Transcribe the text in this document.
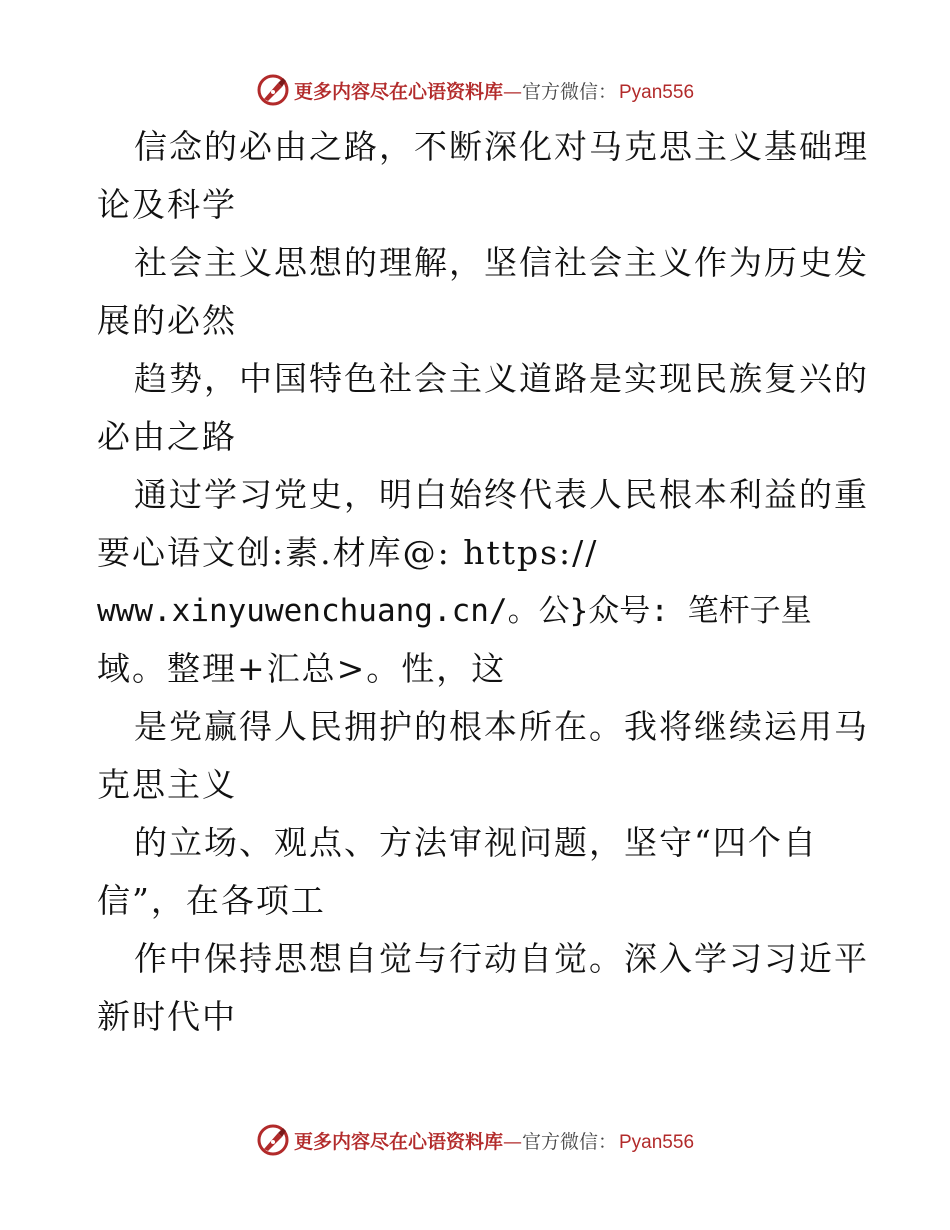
更多内容尽在心语资料库—官方微信： Pyan556
信念的必由之路，不断深化对马克思主义基础理
论及科学
社会主义思想的理解，坚信社会主义作为历史发
展的必然
趋势，中国特色社会主义道路是实现民族复兴的
必由之路
通过学习党史，明白始终代表人民根本利益的重
要心语文创:素.材库@: https://
www.xinyuwenchuang.cn/。公}众号: 笔杆子星
域。整理+汇总>。性，这
是党赢得人民拥护的根本所在。我将继续运用马
克思主义
的立场、观点、方法审视问题，坚守“四个自
信”，在各项工
作中保持思想自觉与行动自觉。深入学习习近平
新时代中
更多内容尽在心语资料库—官方微信： Pyan556
